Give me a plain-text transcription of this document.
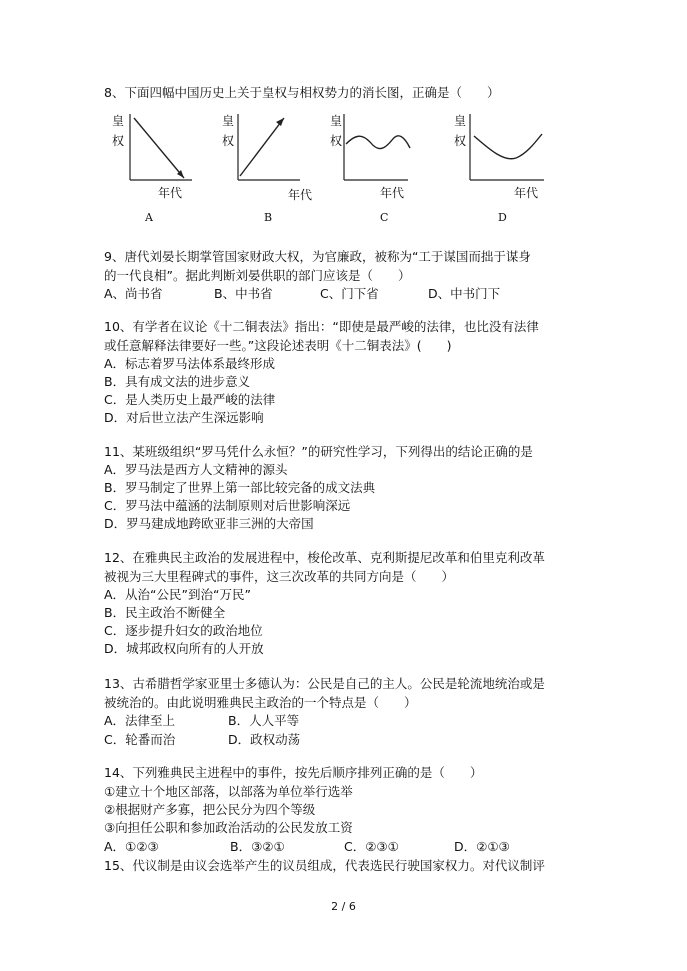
8、下面四幅中国历史上关于皇权与相权势力的消长图，正确是（　　）
皇
权
年代
A
皇
权
年代
B
皇
权
年代
C
皇
权
年代
D
9、唐代刘晏长期掌管国家财政大权，为官廉政，被称为“工于谋国而拙于谋身
的一代良相”。据此判断刘晏供职的部门应该是（　　）
A、尚书省	B、中书省	C、门下省	D、中书门下
10、有学者在议论《十二铜表法》指出：“即使是最严峻的法律，也比没有法律
或任意解释法律要好一些。”这段论述表明《十二铜表法》(　　)
A．标志着罗马法体系最终形成
B．具有成文法的进步意义
C．是人类历史上最严峻的法律
D．对后世立法产生深远影响
11、某班级组织“罗马凭什么永恒？”的研究性学习，下列得出的结论正确的是
A．罗马法是西方人文精神的源头
B．罗马制定了世界上第一部比较完备的成文法典
C．罗马法中蕴涵的法制原则对后世影响深远
D．罗马建成地跨欧亚非三洲的大帝国
12、在雅典民主政治的发展进程中，梭伦改革、克利斯提尼改革和伯里克利改革
被视为三大里程碑式的事件，这三次改革的共同方向是（　　）
A．从治“公民”到治“万民”
B．民主政治不断健全
C．逐步提升妇女的政治地位
D．城邦政权向所有的人开放
13、古希腊哲学家亚里士多德认为：公民是自己的主人。公民是轮流地统治或是
被统治的。由此说明雅典民主政治的一个特点是（　　）
A．法律至上	B．人人平等
C．轮番而治	D．政权动荡
14、下列雅典民主进程中的事件，按先后顺序排列正确的是（　　）
①建立十个地区部落，以部落为单位举行选举
②根据财产多寡，把公民分为四个等级
③向担任公职和参加政治活动的公民发放工资
A．①②③	B．③②①	C．②③①	D．②①③
15、代议制是由议会选举产生的议员组成，代表选民行驶国家权力。对代议制评
2 / 6
